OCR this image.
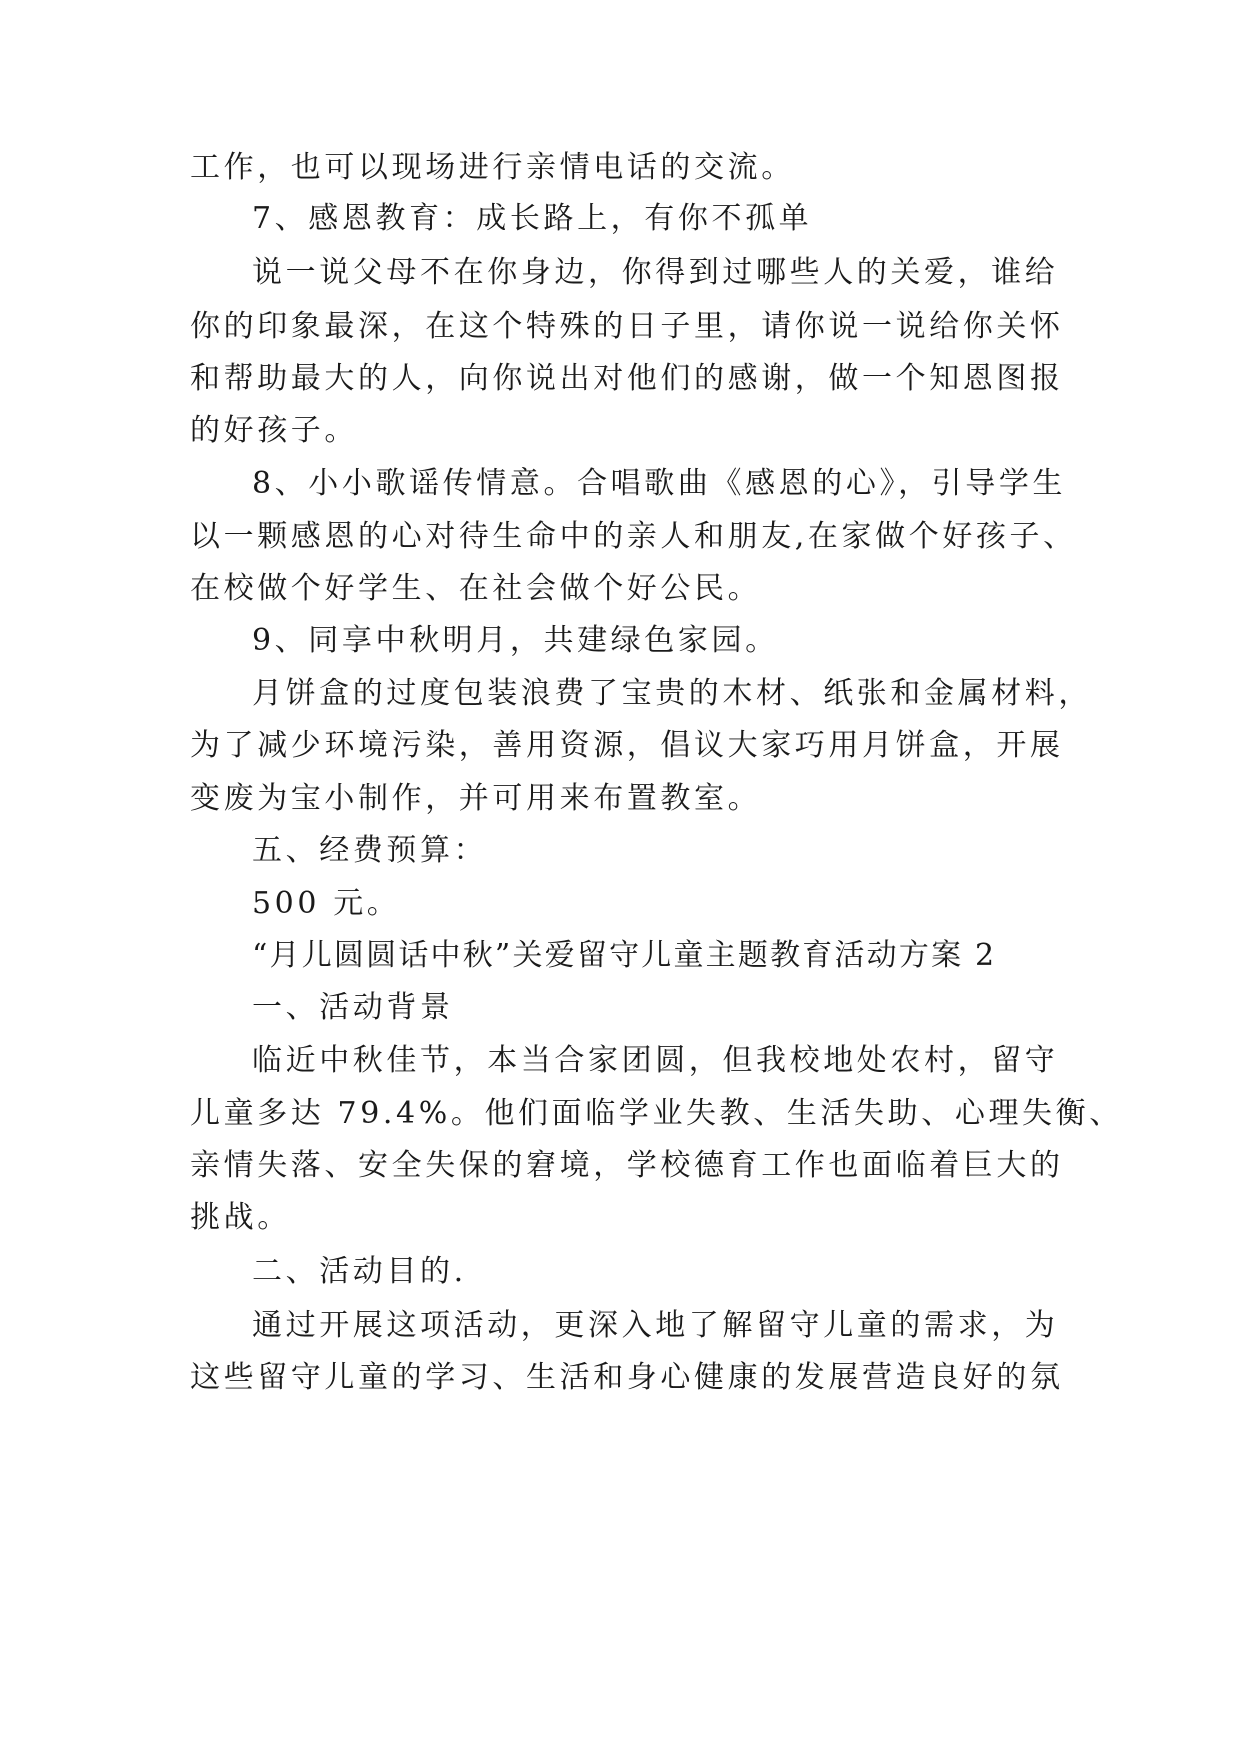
工作，也可以现场进行亲情电话的交流。
7、感恩教育：成长路上，有你不孤单
说一说父母不在你身边，你得到过哪些人的关爱，谁给
你的印象最深，在这个特殊的日子里，请你说一说给你关怀
和帮助最大的人，向你说出对他们的感谢，做一个知恩图报
的好孩子。
8、小小歌谣传情意。合唱歌曲《感恩的心》，引导学生
以一颗感恩的心对待生命中的亲人和朋友,在家做个好孩子、
在校做个好学生、在社会做个好公民。
9、同享中秋明月，共建绿色家园。
月饼盒的过度包装浪费了宝贵的木材、纸张和金属材料，
为了减少环境污染，善用资源，倡议大家巧用月饼盒，开展
变废为宝小制作，并可用来布置教室。
五、经费预算：
500 元。
“月儿圆圆话中秋”关爱留守儿童主题教育活动方案 2
一、活动背景
临近中秋佳节，本当合家团圆，但我校地处农村，留守
儿童多达 79.4%。他们面临学业失教、生活失助、心理失衡、
亲情失落、安全失保的窘境，学校德育工作也面临着巨大的
挑战。
二、活动目的.
通过开展这项活动，更深入地了解留守儿童的需求，为
这些留守儿童的学习、生活和身心健康的发展营造良好的氛
